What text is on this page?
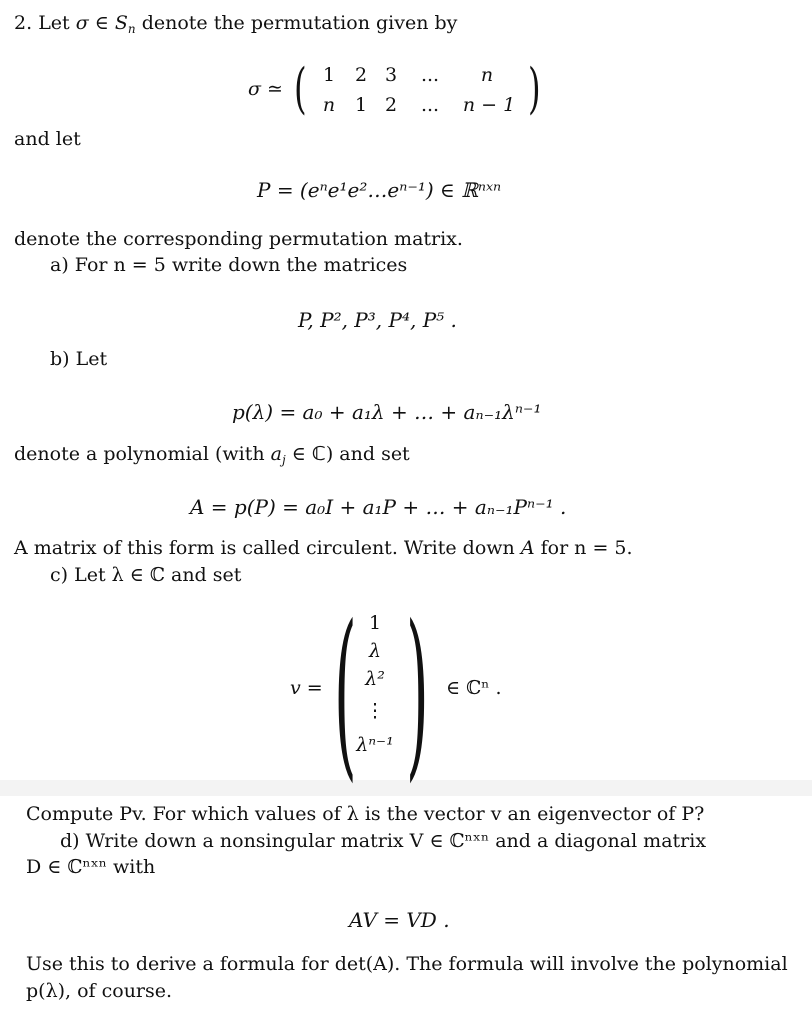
2. Let σ ∈ $S_n$ denote the permutation given by
σ ≃ (	)
1 2 3	...	n
n 1 2	...	n − 1
and let
P = (eⁿe¹e²…eⁿ⁻¹) ∈ ℝⁿˣⁿ
denote the corresponding permutation matrix.
a) For n = 5 write down the matrices
P, P², P³, P⁴, P⁵ .
b) Let
p(λ) = a₀ + a₁λ + … + aₙ₋₁λⁿ⁻¹
denote a polynomial (with $a_j$ ∈ ℂ) and set
A = p(P) = a₀I + a₁P + … + aₙ₋₁Pⁿ⁻¹ .
A matrix of this form is called circulent. Write down A for n = 5.
c) Let λ ∈ ℂ and set
v = ( )
1
λ
λ²
⋮
λⁿ⁻¹
∈ ℂⁿ .
Compute Pv. For which values of λ is the vector v an eigenvector of P?
d) Write down a nonsingular matrix V ∈ ℂⁿˣⁿ and a diagonal matrix
D ∈ ℂⁿˣⁿ with
AV = VD .
Use this to derive a formula for det(A). The formula will involve the polynomial
p(λ), of course.
